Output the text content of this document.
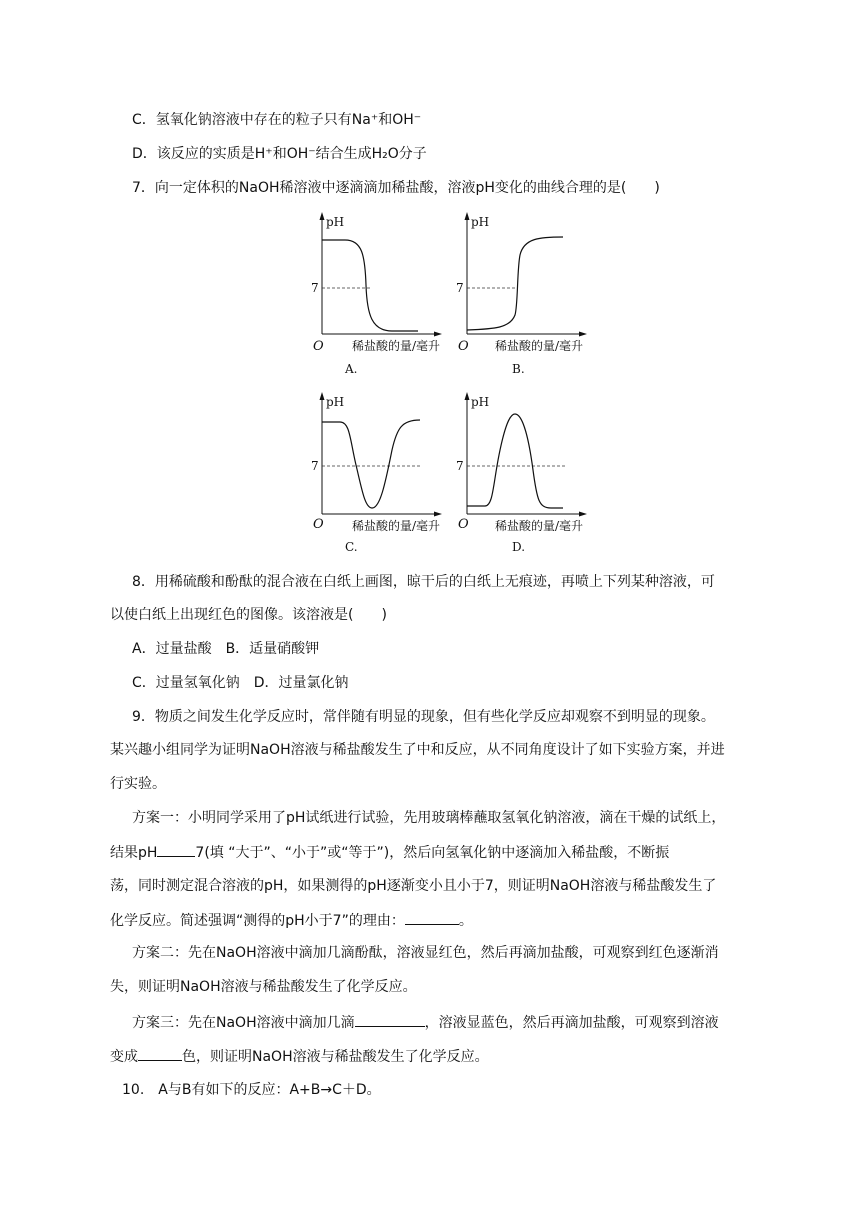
C．氢氧化钠溶液中存在的粒子只有Na⁺和OH⁻
D．该反应的实质是H⁺和OH⁻结合生成H₂O分子
7．向一定体积的NaOH稀溶液中逐滴滴加稀盐酸，溶液pH变化的曲线合理的是(　　)
pH
7
O 稀盐酸的量/毫升
A.
pH
7
O 稀盐酸的量/毫升
B.
pH
7
O 稀盐酸的量/毫升
C.
pH
7
O 稀盐酸的量/毫升
D.
8．用稀硫酸和酚酞的混合液在白纸上画图，晾干后的白纸上无痕迹，再喷上下列某种溶液，可
以使白纸上出现红色的图像。该溶液是(　　)
A．过量盐酸　B．适量硝酸钾
C．过量氢氧化钠　D．过量氯化钠
9．物质之间发生化学反应时，常伴随有明显的现象，但有些化学反应却观察不到明显的现象。
某兴趣小组同学为证明NaOH溶液与稀盐酸发生了中和反应，从不同角度设计了如下实验方案，并进
行实验。
方案一：小明同学采用了pH试纸进行试验，先用玻璃棒蘸取氢氧化钠溶液，滴在干燥的试纸上，
结果pH	7(填 “大于”、“小于”或“等于”)，然后向氢氧化钠中逐滴加入稀盐酸，不断振
荡，同时测定混合溶液的pH，如果测得的pH逐渐变小且小于7，则证明NaOH溶液与稀盐酸发生了
化学反应。简述强调“测得的pH小于7”的理由：	。
方案二：先在NaOH溶液中滴加几滴酚酞，溶液显红色，然后再滴加盐酸，可观察到红色逐渐消
失，则证明NaOH溶液与稀盐酸发生了化学反应。
方案三：先在NaOH溶液中滴加几滴	，溶液显蓝色，然后再滴加盐酸，可观察到溶液
变成	色，则证明NaOH溶液与稀盐酸发生了化学反应。
10.　A与B有如下的反应：A+B→C＋D。
